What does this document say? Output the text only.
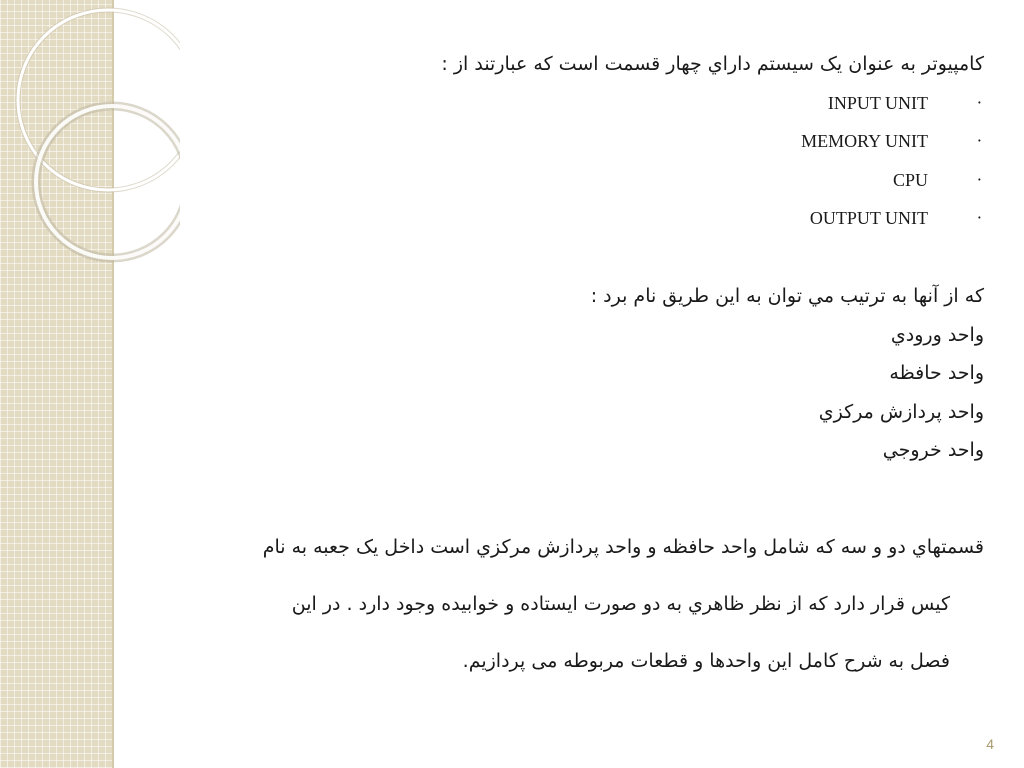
کامپیوتر به عنوان یک سیستم داراي چهار قسمت است که عبارتند از :
·
INPUT UNIT
·
MEMORY UNIT
·
CPU
·
OUTPUT UNIT
که از آنها به ترتیب مي توان به این طریق نام برد :
واحد ورودي
واحد حافظه
واحد پردازش مرکزي
واحد خروجي
قسمتهاي دو و سه که شامل واحد حافظه و واحد پردازش مرکزي است داخل یک جعبه به نام
کیس قرار دارد که از نظر ظاهري به دو صورت ایستاده و خوابیده وجود دارد . در این
فصل به شرح کامل این واحدها و قطعات مربوطه می پردازیم.
4
